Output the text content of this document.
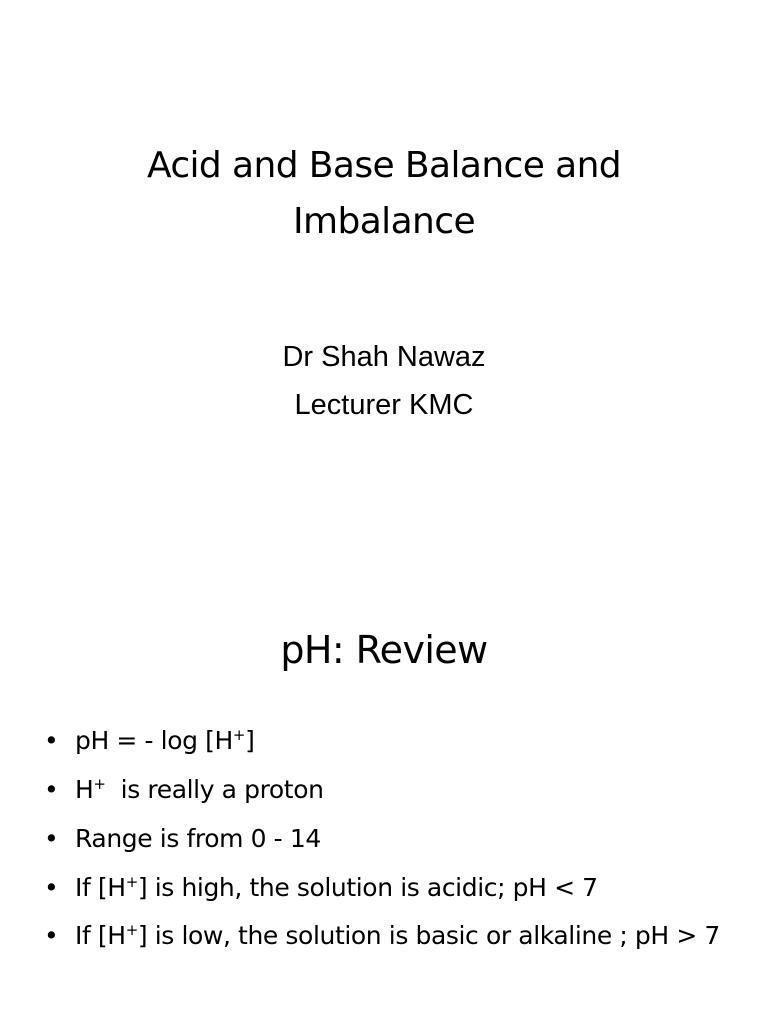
Acid and Base Balance and
Imbalance
Dr Shah Nawaz
Lecturer KMC
pH: Review
• pH = - log [H+]
• H+  is really a proton
• Range is from 0 - 14
• If [H+] is high, the solution is acidic; pH < 7
• If [H+] is low, the solution is basic or alkaline ; pH > 7
